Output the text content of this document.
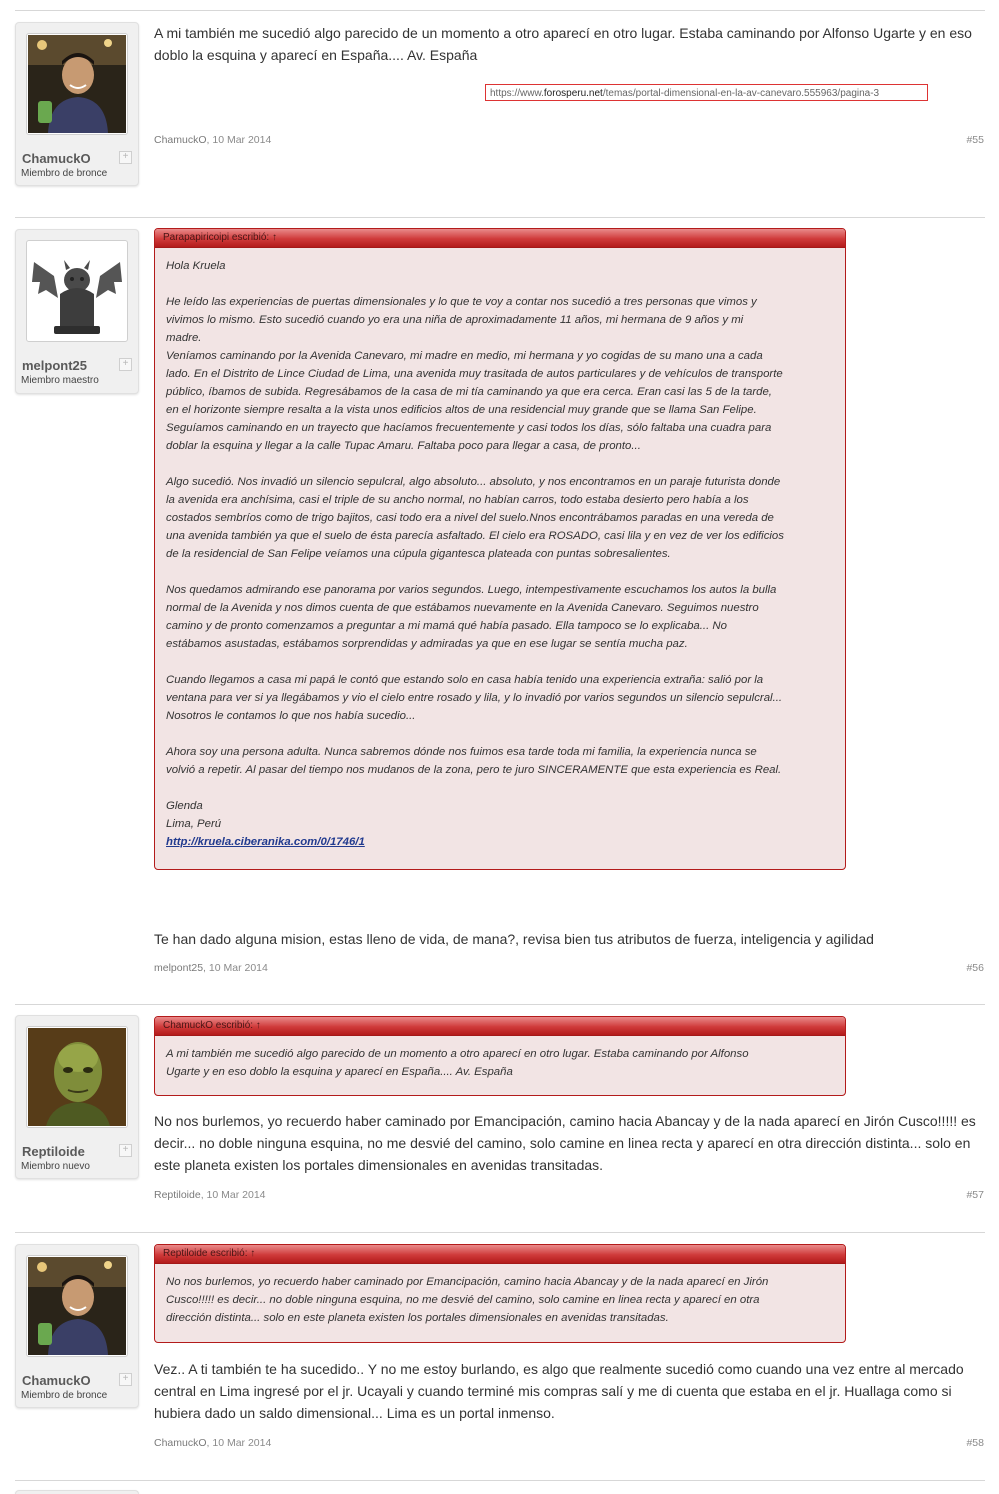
ChamuckO
Miembro de bronce
+
A mi también me sucedió algo parecido de un momento a otro aparecí en otro lugar. Estaba caminando por Alfonso Ugarte y en eso doblo la esquina y aparecí en España.... Av. España
https://www.forosperu.net/temas/portal-dimensional-en-la-av-canevaro.555963/pagina-3
ChamuckO, 10 Mar 2014	#55
melpont25
Miembro maestro
+
Parapapiricoipi escribió: ↑

Hola Kruela

He leído las experiencias de puertas dimensionales y lo que te voy a contar nos sucedió a tres personas que vimos y
vivimos lo mismo. Esto sucedió cuando yo era una niña de aproximadamente 11 años, mi hermana de 9 años y mi
madre.
Veníamos caminando por la Avenida Canevaro, mi madre en medio, mi hermana y yo cogidas de su mano una a cada
lado. En el Distrito de Lince Ciudad de Lima, una avenida muy trasitada de autos particulares y de vehículos de transporte
público, íbamos de subida. Regresábamos de la casa de mi tía caminando ya que era cerca. Eran casi las 5 de la tarde,
en el horizonte siempre resalta a la vista unos edificios altos de una residencial muy grande que se llama San Felipe.
Seguíamos caminando en un trayecto que hacíamos frecuentemente y casi todos los días, sólo faltaba una cuadra para
doblar la esquina y llegar a la calle Tupac Amaru. Faltaba poco para llegar a casa, de pronto...

Algo sucedió. Nos invadió un silencio sepulcral, algo absoluto... absoluto, y nos encontramos en un paraje futurista donde
la avenida era anchísima, casi el triple de su ancho normal, no habían carros, todo estaba desierto pero había a los
costados sembríos como de trigo bajitos, casi todo era a nivel del suelo.Nnos encontrábamos paradas en una vereda de
una avenida también ya que el suelo de ésta parecía asfaltado. El cielo era ROSADO, casi lila y en vez de ver los edificios
de la residencial de San Felipe veíamos una cúpula gigantesca plateada con puntas sobresalientes.

Nos quedamos admirando ese panorama por varios segundos. Luego, intempestivamente escuchamos los autos la bulla
normal de la Avenida y nos dimos cuenta de que estábamos nuevamente en la Avenida Canevaro. Seguimos nuestro
camino y de pronto comenzamos a preguntar a mi mamá qué había pasado. Ella tampoco se lo explicaba... No
estábamos asustadas, estábamos sorprendidas y admiradas ya que en ese lugar se sentía mucha paz.

Cuando llegamos a casa mi papá le contó que estando solo en casa había tenido una experiencia extraña: salió por la
ventana para ver si ya llegábamos y vio el cielo entre rosado y lila, y lo invadió por varios segundos un silencio sepulcral...
Nosotros le contamos lo que nos había sucedio...

Ahora soy una persona adulta. Nunca sabremos dónde nos fuimos esa tarde toda mi familia, la experiencia nunca se
volvió a repetir. Al pasar del tiempo nos mudanos de la zona, pero te juro SINCERAMENTE que esta experiencia es Real.

Glenda
Lima, Perú

http://kruela.ciberanika.com/0/1746/1

Te han dado alguna mision, estas lleno de vida, de mana?, revisa bien tus atributos de fuerza, inteligencia y agilidad
melpont25, 10 Mar 2014	#56
Reptiloide
Miembro nuevo
+
ChamuckO escribió: ↑

A mi también me sucedió algo parecido de un momento a otro aparecí en otro lugar. Estaba caminando por Alfonso
Ugarte y en eso doblo la esquina y aparecí en España.... Av. España

No nos burlemos, yo recuerdo haber caminado por Emancipación, camino hacia Abancay y de la nada aparecí en Jirón Cusco!!!!! es decir... no doble ninguna esquina, no me desvié del camino, solo camine en linea recta y aparecí en otra dirección distinta... solo en este planeta existen los portales dimensionales en avenidas transitadas.
Reptiloide, 10 Mar 2014	#57
ChamuckO
Miembro de bronce
+
Reptiloide escribió: ↑

No nos burlemos, yo recuerdo haber caminado por Emancipación, camino hacia Abancay y de la nada aparecí en Jirón
Cusco!!!!! es decir... no doble ninguna esquina, no me desvié del camino, solo camine en linea recta y aparecí en otra
dirección distinta... solo en este planeta existen los portales dimensionales en avenidas transitadas.

Vez.. A ti también te ha sucedido.. Y no me estoy burlando, es algo que realmente sucedió como cuando una vez entre al mercado central en Lima ingresé por el jr. Ucayali y cuando terminé mis compras salí y me di cuenta que estaba en el jr. Huallaga como si hubiera dado un saldo dimensional... Lima es un portal inmenso.
ChamuckO, 10 Mar 2014	#58
